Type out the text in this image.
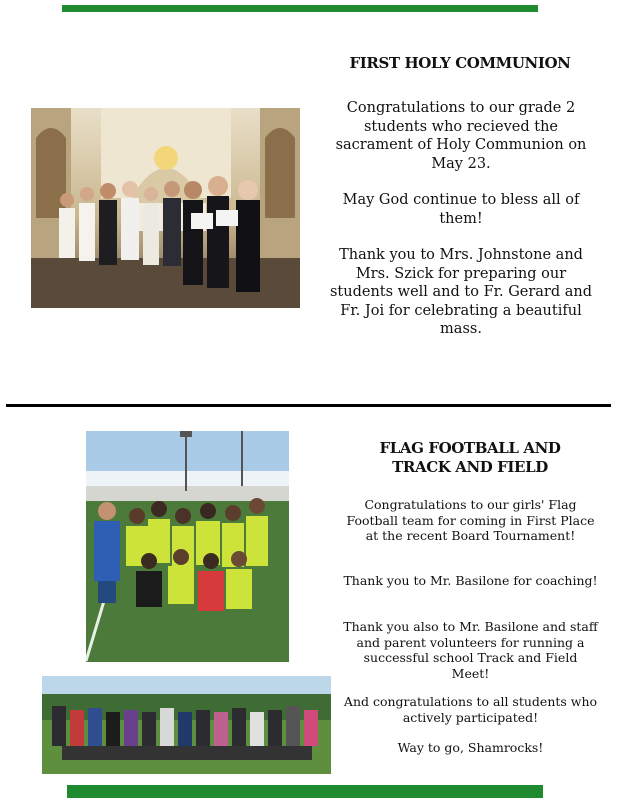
FIRST HOLY COMMUNION

Congratulations to our grade 2 students who recieved the sacrament of Holy Communion on May 23.

May God continue to bless all of them!

Thank you to Mrs. Johnstone and Mrs. Szick for preparing our students well and to Fr. Gerard and Fr. Joi for celebrating a beautiful mass.

FLAG FOOTBALL AND
TRACK AND FIELD

Congratulations to our girls' Flag Football team for coming in First Place at the recent Board Tournament!

Thank you to Mr. Basilone for coaching!

Thank you also to Mr. Basilone and staff and parent volunteers for running a successful school Track and Field Meet!

And congratulations to all students who actively participated!

Way to go, Shamrocks!
